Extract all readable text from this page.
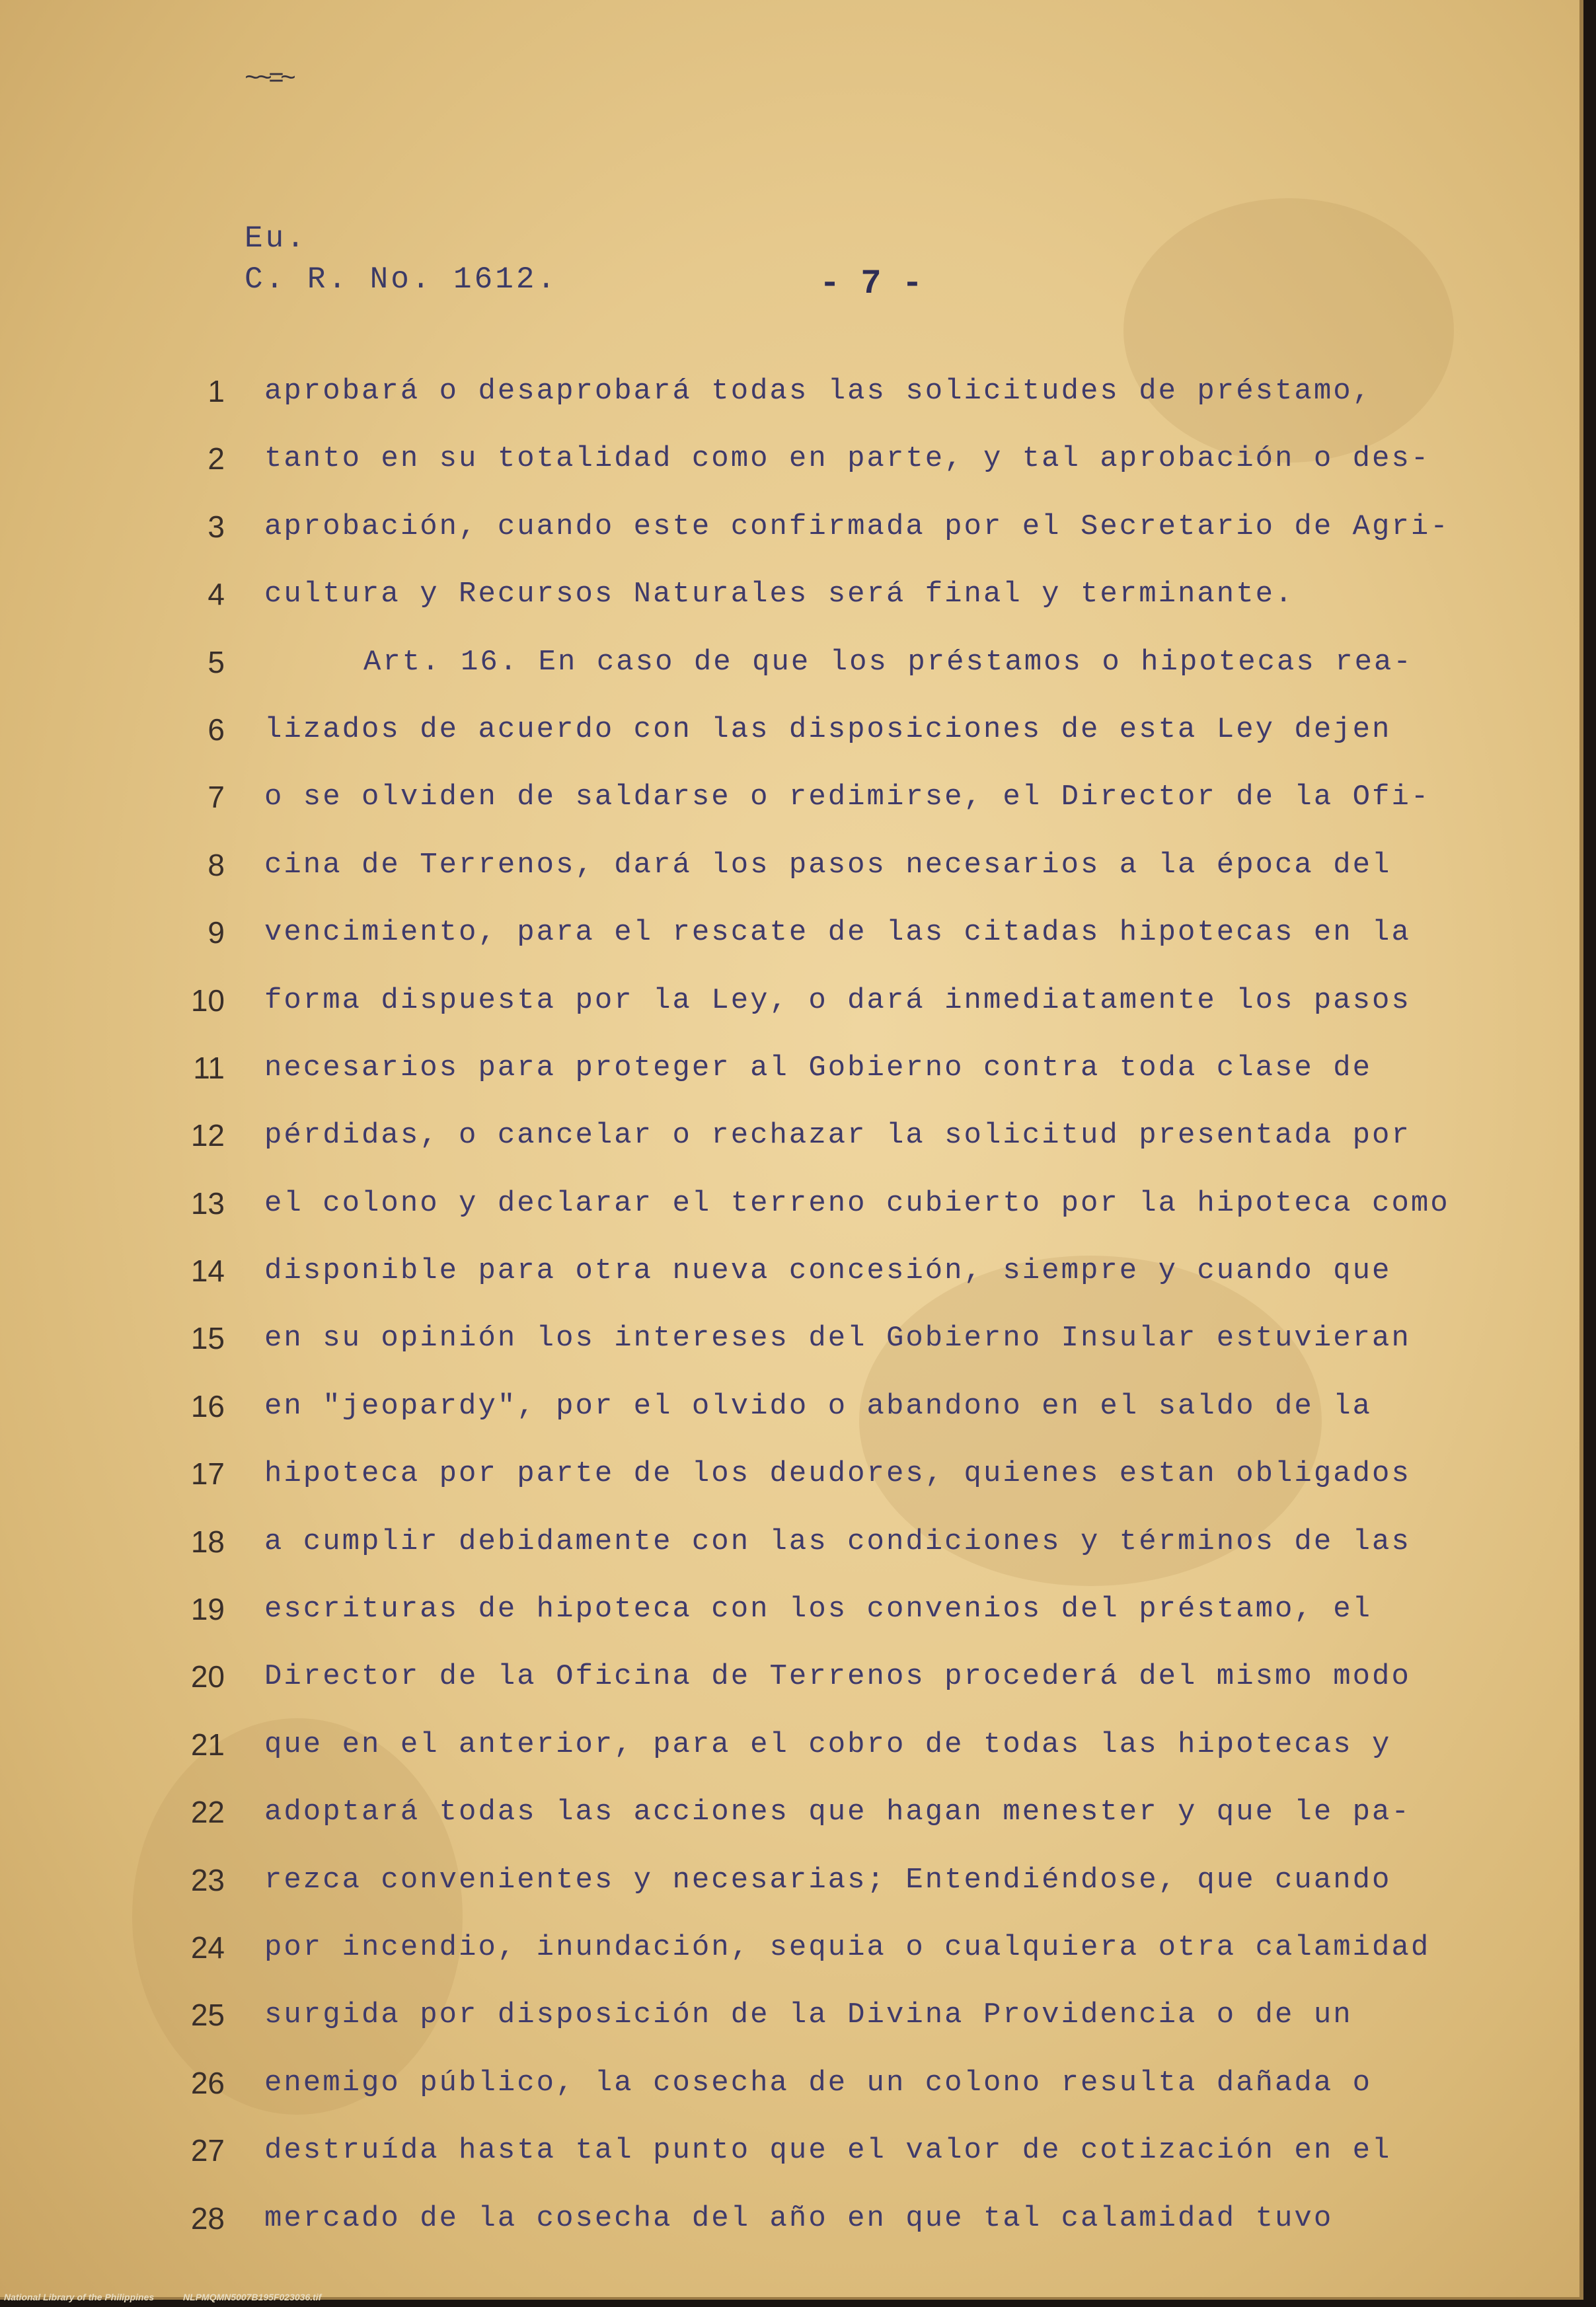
~~=~
Eu.
C. R. No. 1612.	- 7 -
1 aprobará o desaprobará todas las solicitudes de préstamo,
2 tanto en su totalidad como en parte, y tal aprobación o des-
3 aprobación, cuando este confirmada por el Secretario de Agri-
4 cultura y Recursos Naturales será final y terminante.
5	Art. 16. En caso de que los préstamos o hipotecas rea-
6 lizados de acuerdo con las disposiciones de esta Ley dejen
7 o se olviden de saldarse o redimirse, el Director de la Ofi-
8 cina de Terrenos, dará los pasos necesarios a la época del
9 vencimiento, para el rescate de las citadas hipotecas en la
10 forma dispuesta por la Ley, o dará inmediatamente los pasos
11 necesarios para proteger al Gobierno contra toda clase de
12 pérdidas, o cancelar o rechazar la solicitud presentada por
13 el colono y declarar el terreno cubierto por la hipoteca como
14 disponible para otra nueva concesión, siempre y cuando que
15 en su opinión los intereses del Gobierno Insular estuvieran
16 en "jeopardy", por el olvido o abandono en el saldo de la
17 hipoteca por parte de los deudores, quienes estan obligados
18 a cumplir debidamente con las condiciones y términos de las
19 escrituras de hipoteca con los convenios del préstamo, el
20 Director de la Oficina de Terrenos procederá del mismo modo
21 que en el anterior, para el cobro de todas las hipotecas y
22 adoptará todas las acciones que hagan menester y que le pa-
23 rezca convenientes y necesarias; Entendiéndose, que cuando
24 por incendio, inundación, sequia o cualquiera otra calamidad
25 surgida por disposición de la Divina Providencia o de un
26 enemigo público, la cosecha de un colono resulta dañada o
27 destruída hasta tal punto que el valor de cotización en el
28 mercado de la cosecha del año en que tal calamidad tuvo
National Library of the Philippines	NLPMQMN5007B195F023036.tif
